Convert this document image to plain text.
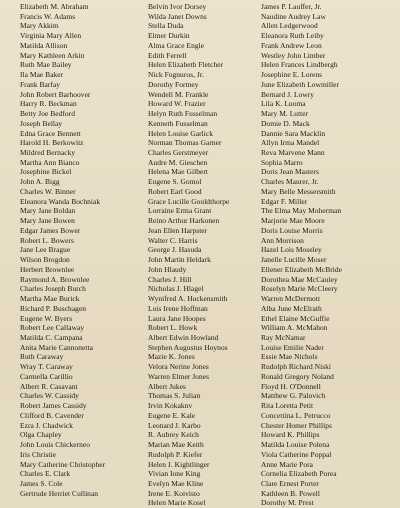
Elizabeth M. Abraham
Francis W. Adams
Mary Akkim
Virginia Mary Allen
Matilda Allison
Mary Kathleen Arkin
Ruth Mae Bailey
Ila Mae Baker
Frank Barfay
John Robert Barhoover
Harry R. Beckman
Betty Joe Bedford
Joseph Bellay
Edna Grace Bennett
Harold H. Berkowitz
Mildred Bernacky
Martha Ann Bianco
Josephine Bickel
John A. Bigg
Charles W. Binner
Eleanora Wanda Bochniak
Mary Jane Boldan
Mary Jane Bowen
Edgar James Bower
Robert L. Bowers
Jane Lee Brague
Wilson Brogdon
Herbert Brownlee
Raymond A. Brownlee
Charles Joseph Burch
Martha Mae Burick
Richard P. Buschagen
Eugene W. Byers
Robert Lee Callaway
Matilda C. Campana
Anita Marie Cannonetta
Ruth Caraway
Wray T. Caraway
Carmella Carillio
Albert R. Casavant
Charles W. Cassidy
Robert James Cassidy
Clifford B. Cavender
Ezra J. Chadwick
Olga Chapley
John Louis Chickerneo
Iris Christie
Mary Catherine Christopher
Charles E. Clark
James S. Cole
Gertrude Herriet Cullinan
Belvin Ivor Dorsey
Wilda Janet Downs
Stella Duda
Elmer Durkin
Alma Grace Engle
Edith Ferrell
Helen Elizabeth Fletcher
Nick Fognuros, Jr.
Dorothy Fortney
Wendell M. Frankle
Howard W. Frazier
Helyn Ruth Fusselman
Kenneth Fusselman
Helen Louise Garlick
Norman Thomas Garner
Charles Gerstmeyer
Audre M. Gieschen
Helena Mae Gilbert
Eugene S. Gomol
Robert Earl Good
Grace Lucille Gouldthorpe
Lorraine Erma Grant
Reino Arthur Harkonen
Jean Ellen Harpster
Walter C. Harris
George J. Hasuda
John Martin Heldark
John Hlaudy
Charles J. Hill
Nicholas J. Hlagel
Wynifred A. Hockensmith
Lois Irene Hoffman
Laura Jane Hoopes
Robert L. Howk
Albert Edwin Howland
Stephen Augustus Hoynos
Mazie K. Jones
Velora Nerine Jones
Warren Elmer Jones
Albert Jukes
Thomas S. Julian
Irvin Kokaknv
Eugene E. Kale
Leonard J. Karbo
R. Aubrey Keich
Marian Mae Keith
Rudolph P. Kiefer
Helen J. Kightlinger
Vivian Ione King
Evelyn Mae Kline
Irene E. Koivisto
Helen Marie Kosel
James P. Lauffer, Jr.
Naudine Audrey Law
Allen Ledgerwood
Eleanora Ruth Leiby
Frank Andrew Leon
Westley John Limber
Helen Frances Lindbergh
Josephine E. Lorens
June Elizabeth Lowmiller
Bernard J. Lowry
Lila K. Luoma
Mary M. Lutter
Domie D. Mack
Dannie Sara Macklin
Allyn Irma Mandel
Reva Marvene Mann
Sophia Marro
Doris Jean Masters
Charles Maurer, Jr.
Mary Belle Messersmith
Edgar F. Miller
The Elma May Moherman
Marjorie Mae Moore
Doris Louise Morris
Ann Morrison
Hazel Lois Moseley
Janelle Lucille Moser
Ellener Elizabeth McBride
Dorothea Mae McCauley
Roselyn Marie McCleery
Warren McDermott
Alba June McElrath
Ethel Elaine McGuffie
William A. McMahon
Ray McNamar
Louise Emilie Nader
Essie Mae Nichols
Rudolph Richard Niski
Ronald Gregory Noland
Floyd H. O'Donnell
Matthew G. Palovich
Rita Loretta Petit
Concettina L. Petrucco
Chester Homer Phillips
Howard K. Phillips
Matilda Louise Polena
Viola Catherine Poppal
Anne Marie Pora
Cornelia Elizabeth Porea
Clare Ernest Porter
Kathleen B. Powell
Dorothy M. Prest
